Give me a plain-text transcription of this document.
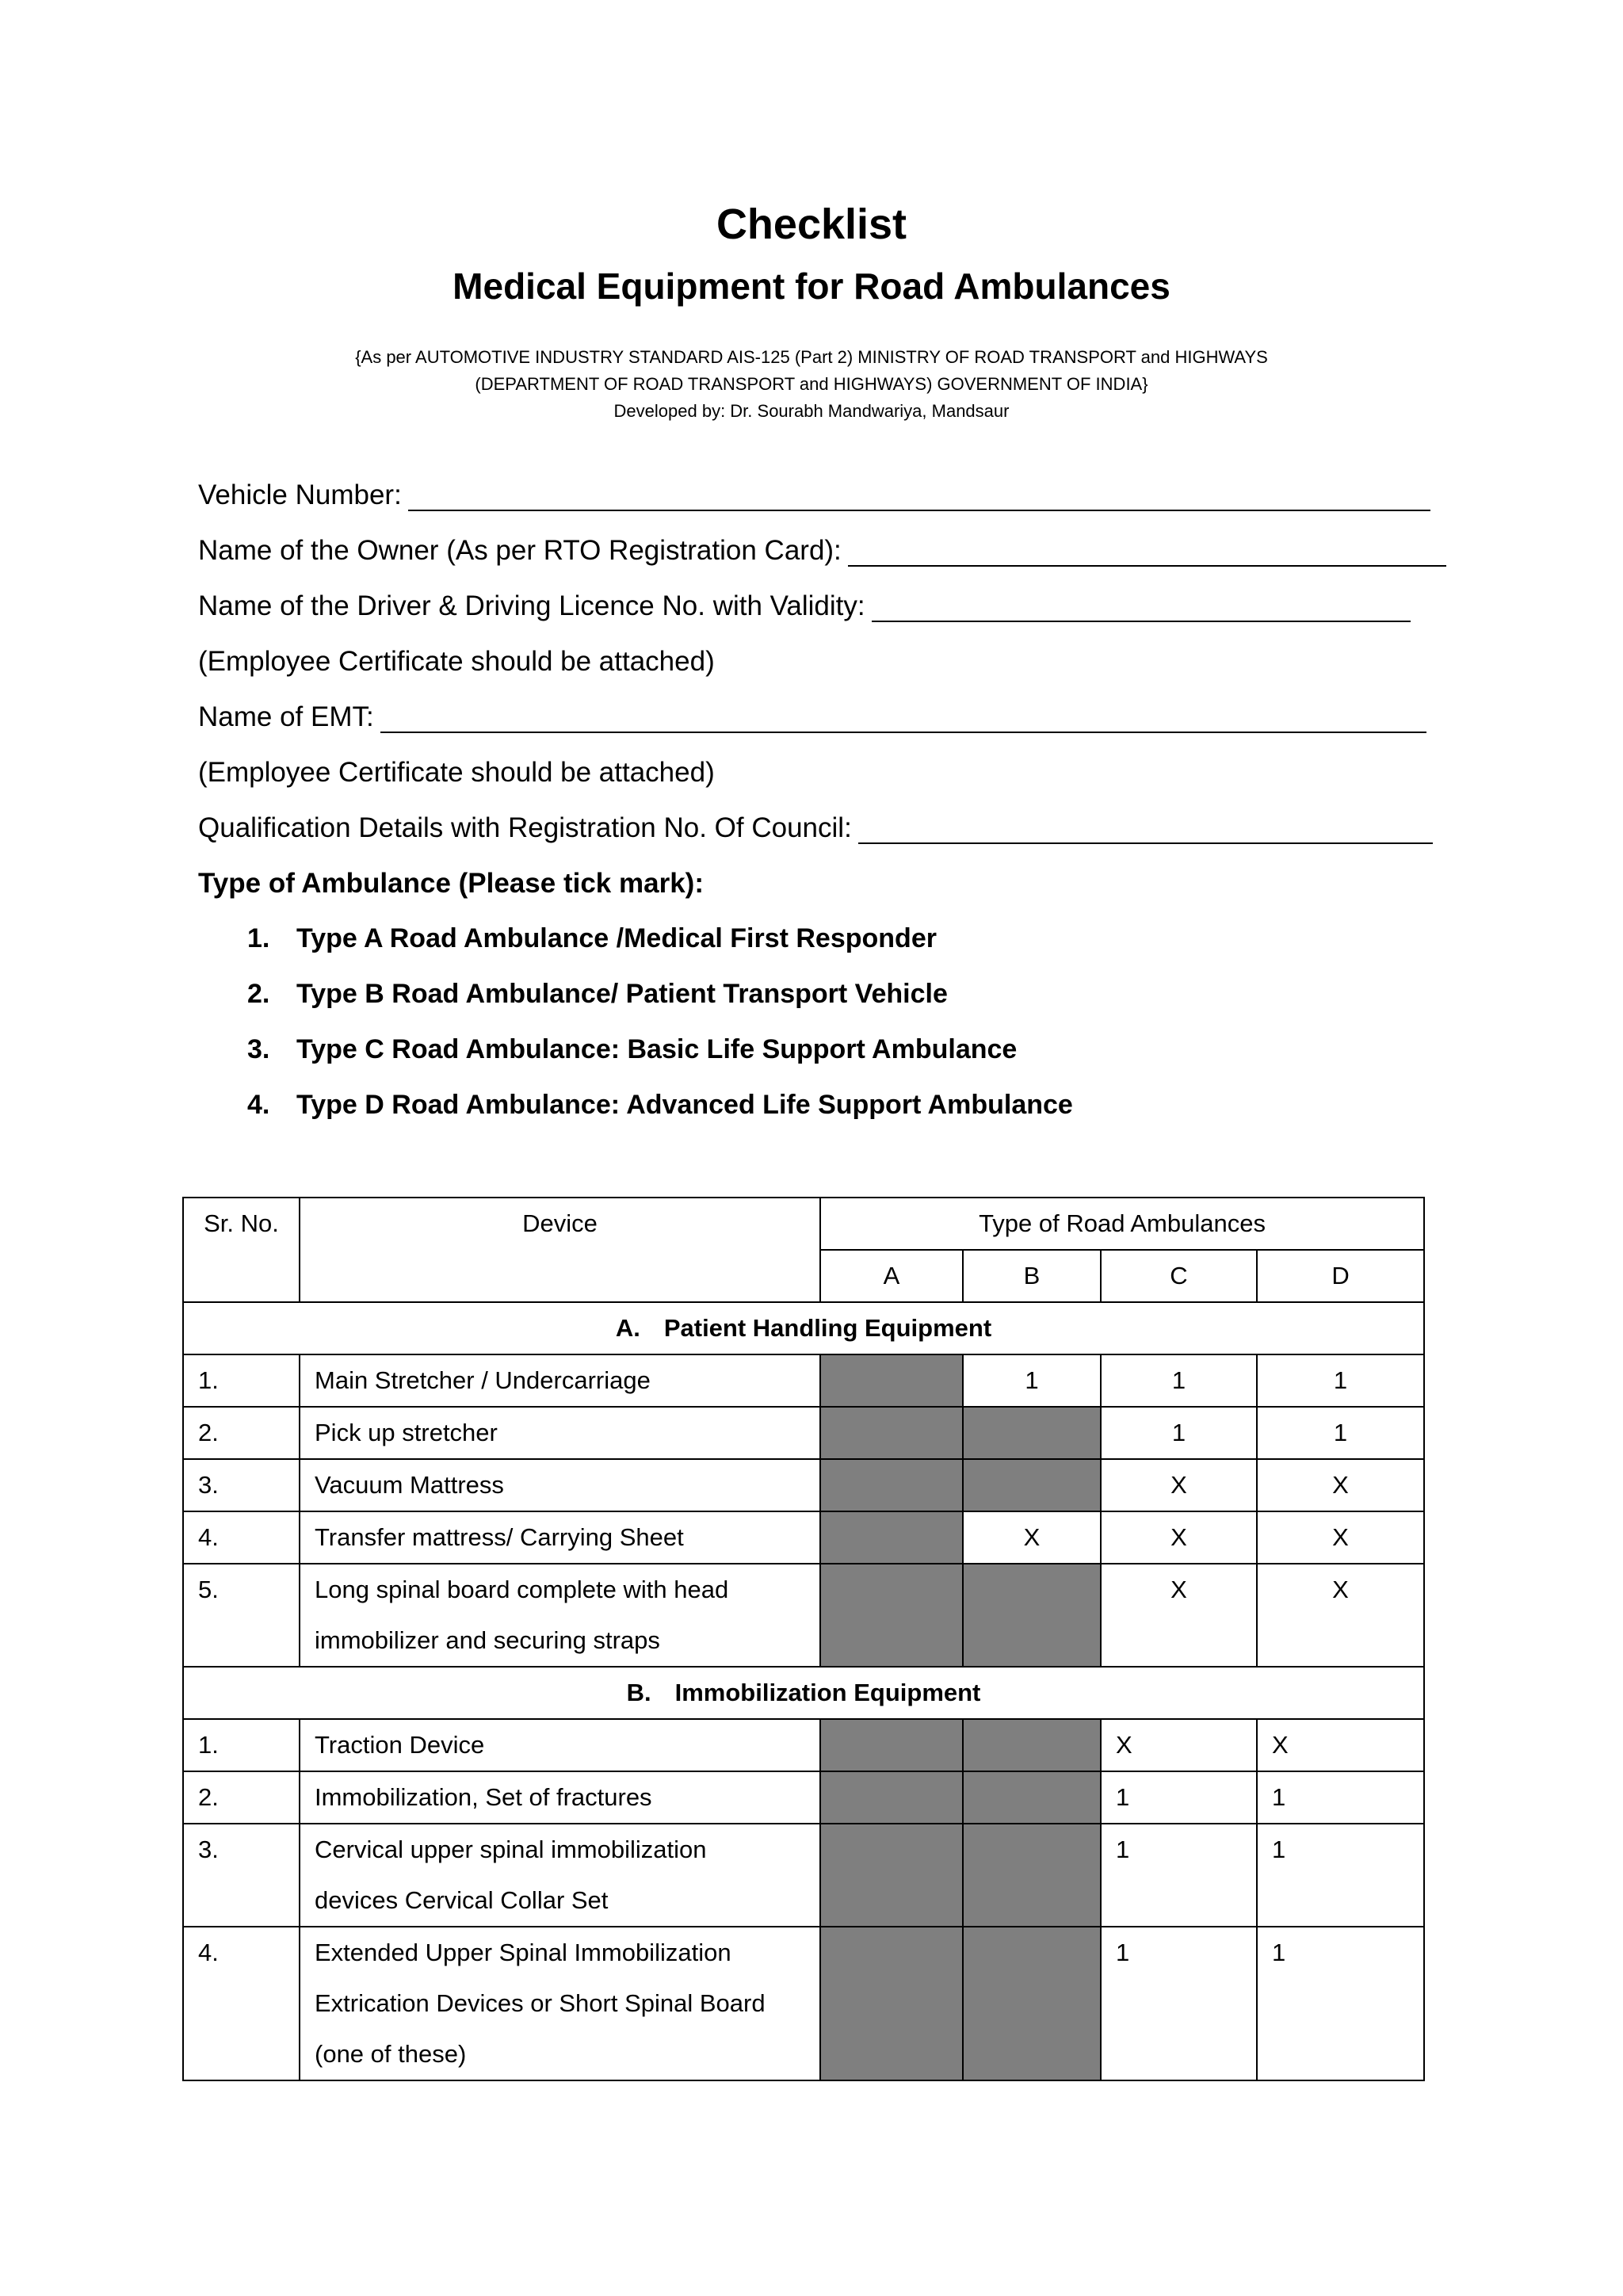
Checklist
Medical Equipment for Road Ambulances
{As per AUTOMOTIVE INDUSTRY STANDARD AIS-125 (Part 2) MINISTRY OF ROAD TRANSPORT and HIGHWAYS
(DEPARTMENT OF ROAD TRANSPORT and HIGHWAYS) GOVERNMENT OF INDIA}
Developed by: Dr. Sourabh Mandwariya, Mandsaur
Vehicle Number:
Name of the Owner (As per RTO Registration Card):
Name of the Driver & Driving Licence No. with Validity:
(Employee Certificate should be attached)
Name of EMT:
(Employee Certificate should be attached)
Qualification Details with Registration No. Of Council:
Type of Ambulance (Please tick mark):
1. Type A Road Ambulance /Medical First Responder
2. Type B Road Ambulance/ Patient Transport Vehicle
3. Type C Road Ambulance: Basic Life Support Ambulance
4. Type D Road Ambulance: Advanced Life Support Ambulance
Sr. No.	Device	Type of Road Ambulances			
		A	B	C	D
A. Patient Handling Equipment					
1.	Main Stretcher / Undercarriage		1	1	1
2.	Pick up stretcher			1	1
3.	Vacuum Mattress			X	X
4.	Transfer mattress/ Carrying Sheet		X	X	X
5.	Long spinal board complete with head
immobilizer and securing straps			X	X
B. Immobilization Equipment					
1.	Traction Device			X	X
2.	Immobilization, Set of fractures			1	1
3.	Cervical upper spinal immobilization
devices Cervical Collar Set			1	1
4.	Extended Upper Spinal Immobilization
Extrication Devices or Short Spinal Board
(one of these)			1	1
